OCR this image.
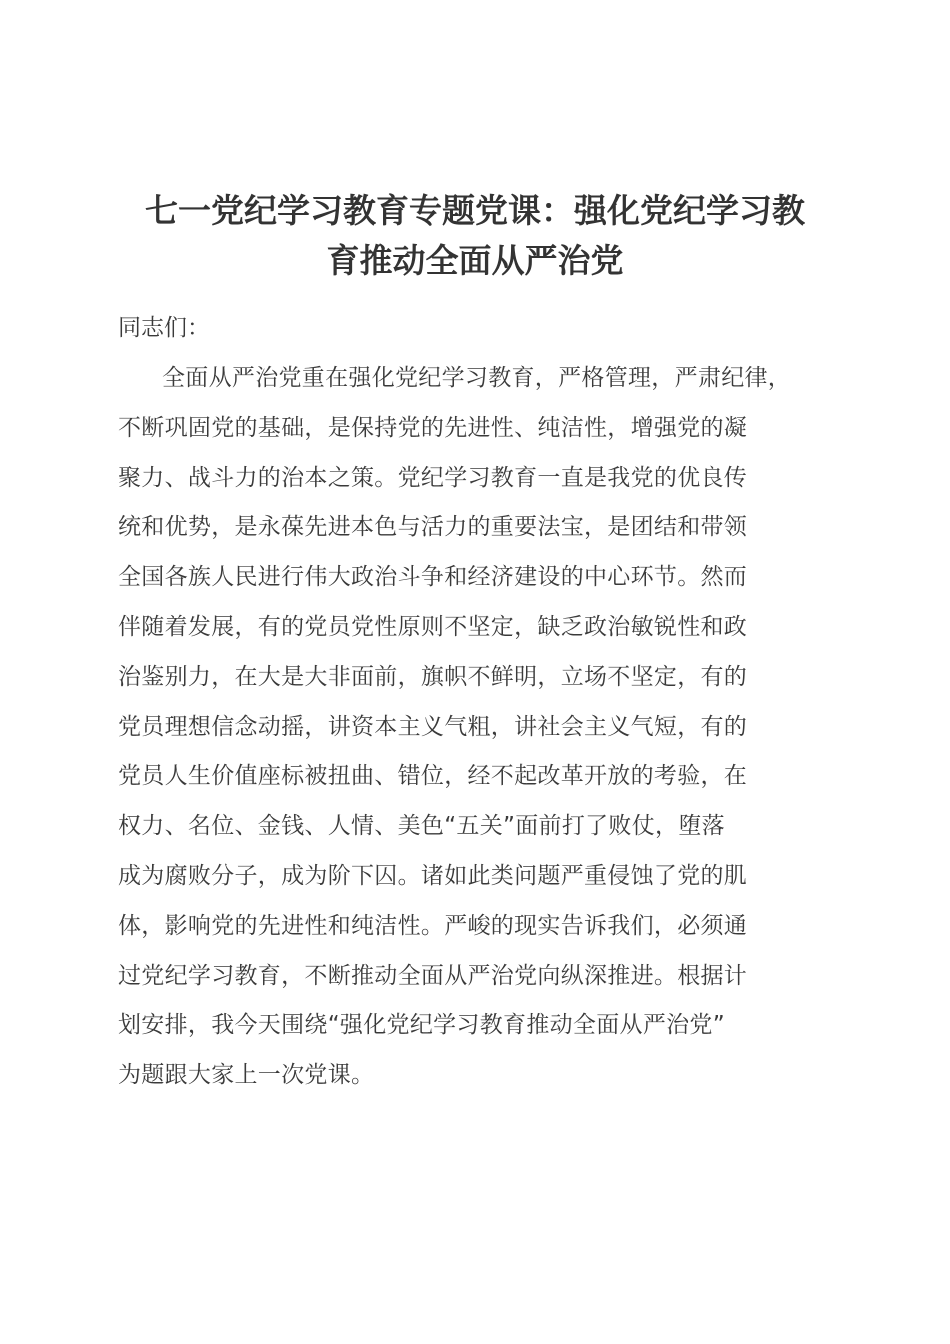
七一党纪学习教育专题党课：强化党纪学习教
育推动全面从严治党

同志们：

全面从严治党重在强化党纪学习教育，严格管理，严肃纪律，
不断巩固党的基础，是保持党的先进性、纯洁性，增强党的凝
聚力、战斗力的治本之策。党纪学习教育一直是我党的优良传
统和优势，是永葆先进本色与活力的重要法宝，是团结和带领
全国各族人民进行伟大政治斗争和经济建设的中心环节。然而
伴随着发展，有的党员党性原则不坚定，缺乏政治敏锐性和政
治鉴别力，在大是大非面前，旗帜不鲜明，立场不坚定，有的
党员理想信念动摇，讲资本主义气粗，讲社会主义气短，有的
党员人生价值座标被扭曲、错位，经不起改革开放的考验，在
权力、名位、金钱、人情、美色“五关”面前打了败仗，堕落
成为腐败分子，成为阶下囚。诸如此类问题严重侵蚀了党的肌
体，影响党的先进性和纯洁性。严峻的现实告诉我们，必须通
过党纪学习教育，不断推动全面从严治党向纵深推进。根据计
划安排，我今天围绕“强化党纪学习教育推动全面从严治党”
为题跟大家上一次党课。
